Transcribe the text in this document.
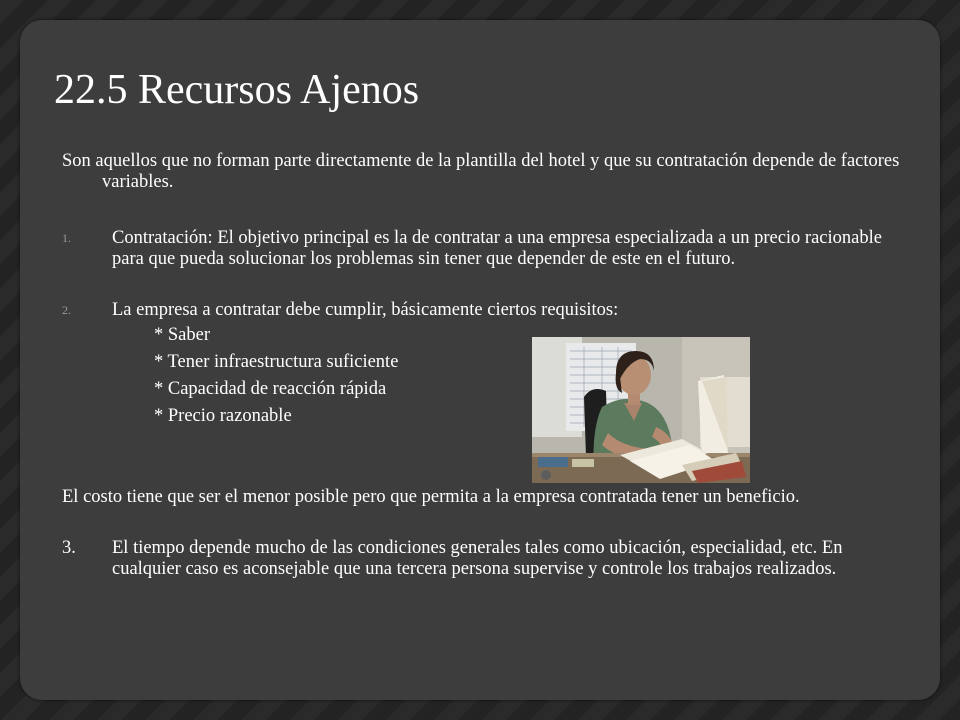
22.5 Recursos Ajenos

Son aquellos que no forman parte directamente de la plantilla del hotel y que su contratación depende de factores variables.

1. Contratación: El objetivo principal es la de contratar a una empresa especializada a un precio racionable para que pueda solucionar los problemas sin tener que depender de este en el futuro.
2. La empresa a contratar debe cumplir, básicamente ciertos requisitos:
* Saber
* Tener infraestructura suficiente
* Capacidad de reacción rápida
* Precio razonable

El costo tiene que ser el menor posible pero que permita a la empresa contratada tener un beneficio.

3. El tiempo depende mucho de las condiciones generales tales como ubicación, especialidad, etc. En cualquier caso es aconsejable que una tercera persona supervise y controle los trabajos realizados.
